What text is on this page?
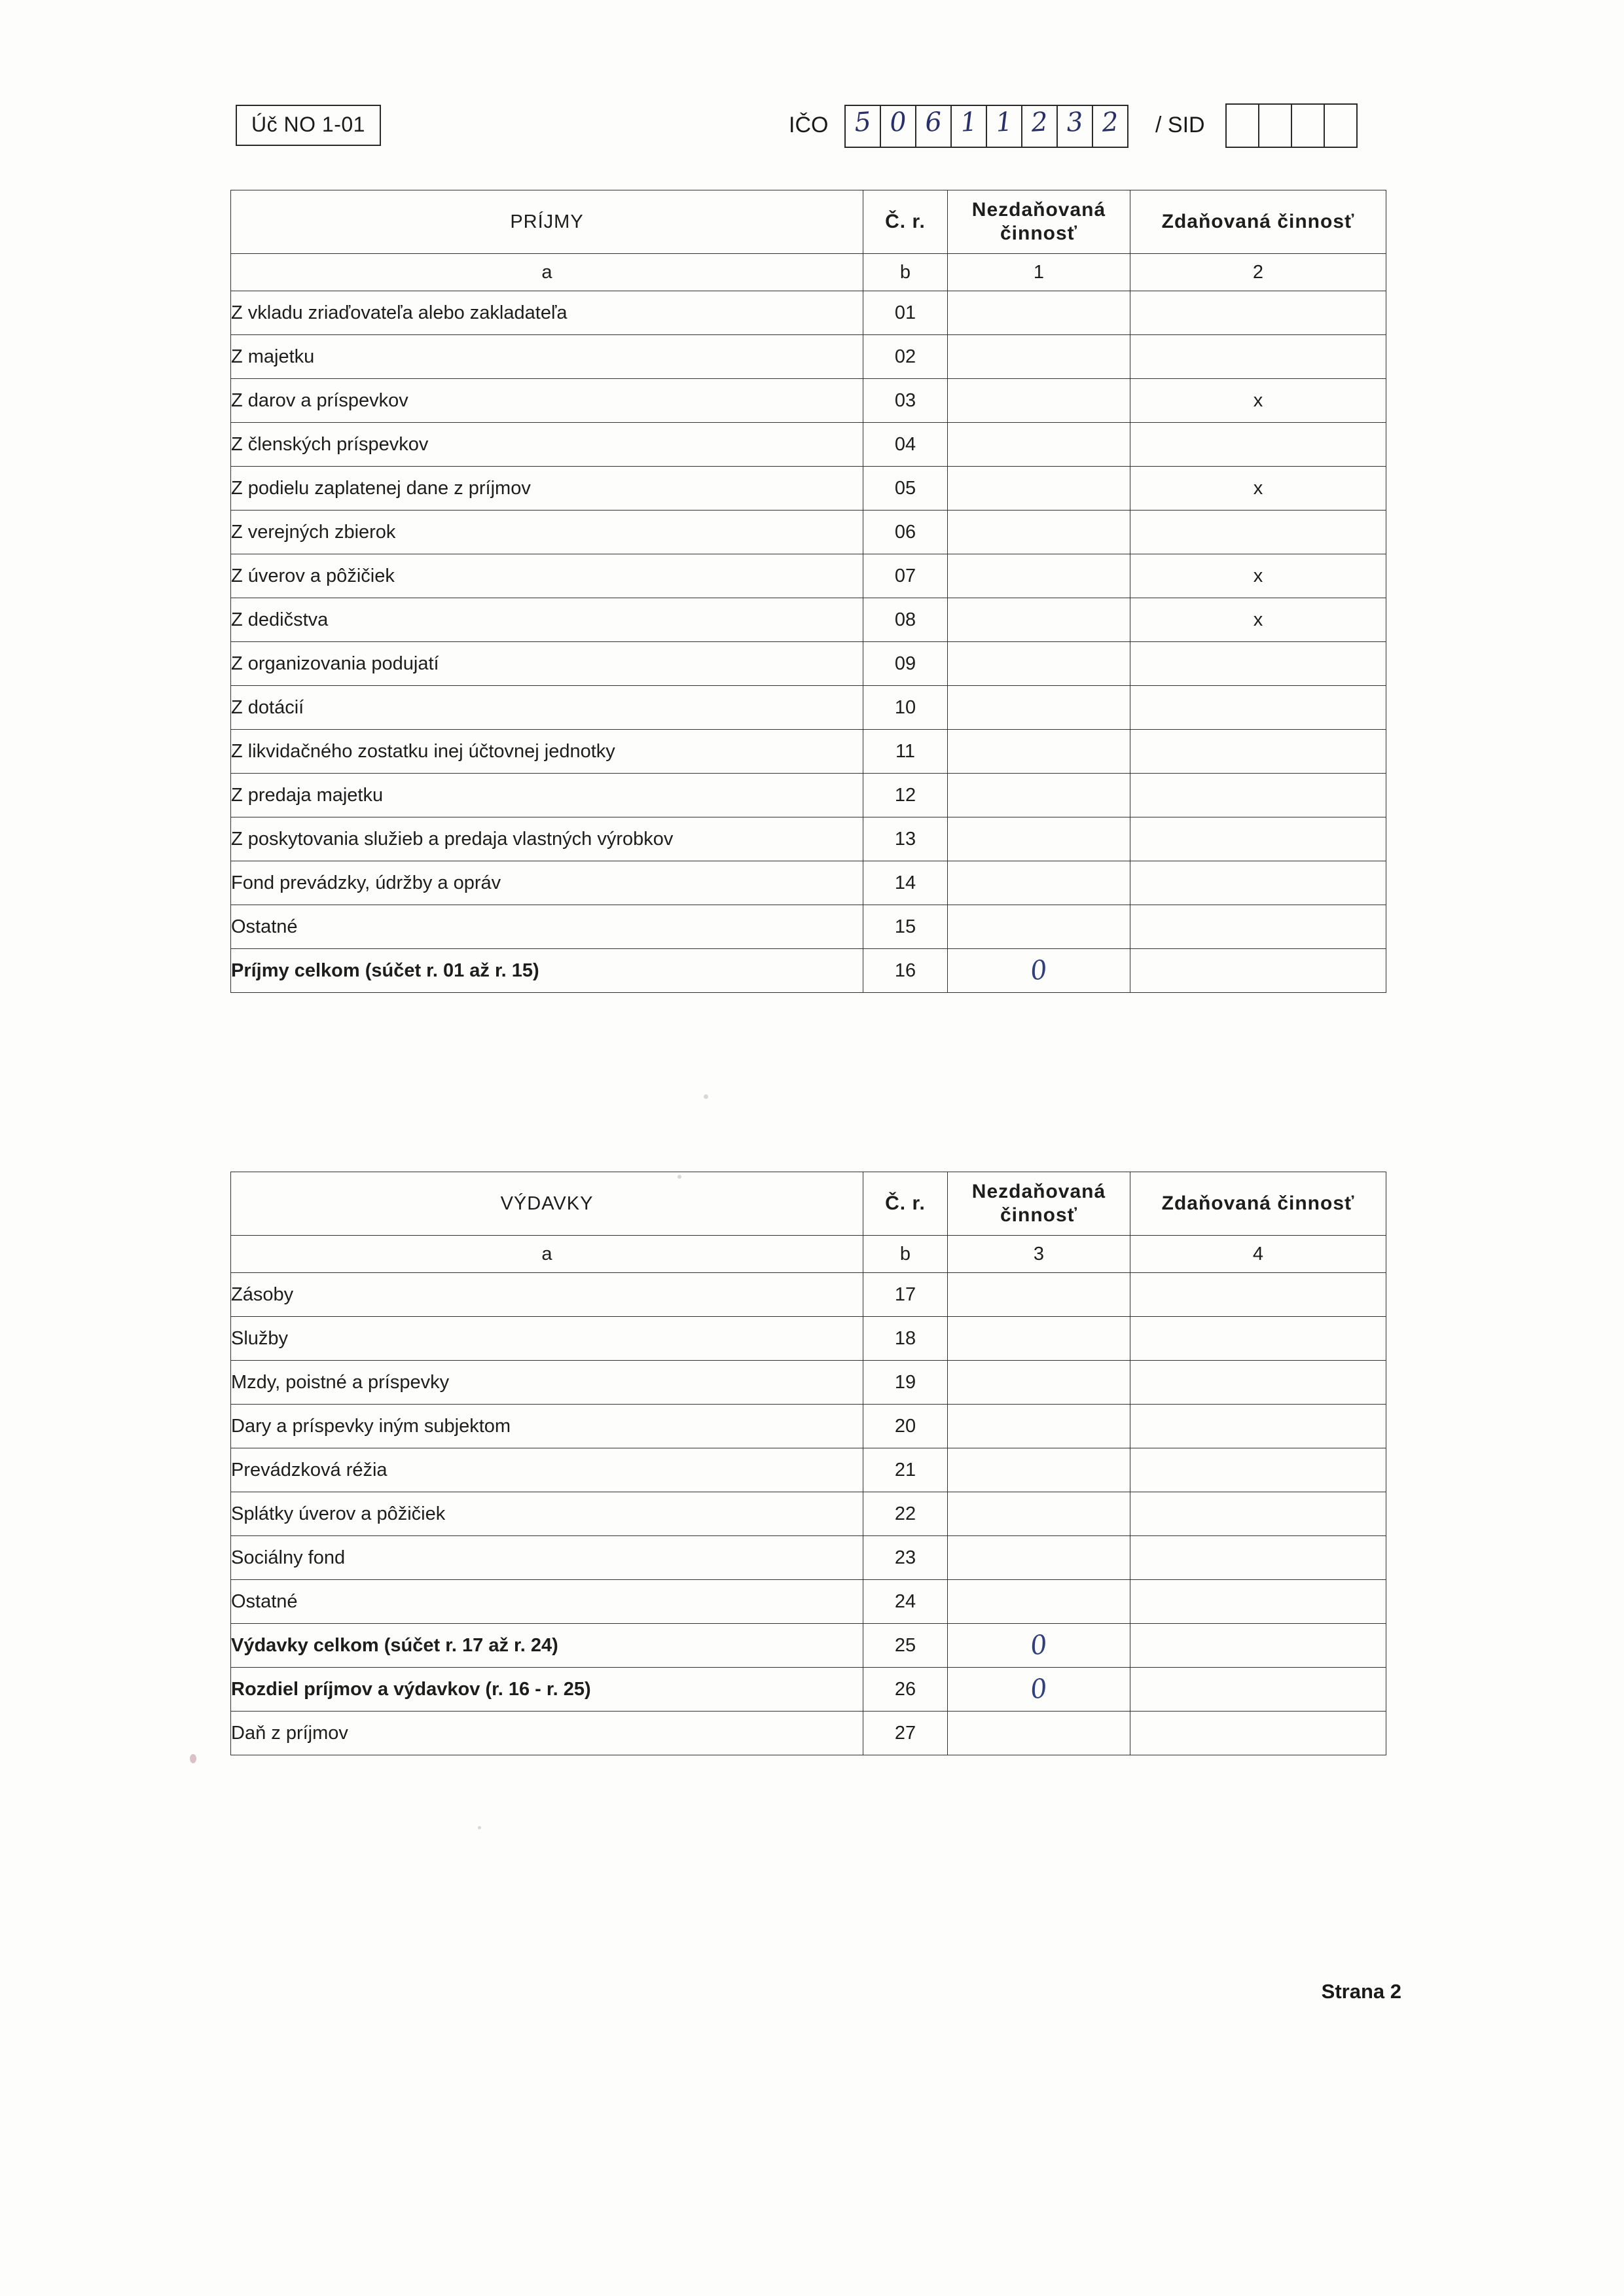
Úč NO 1-01	IČO 5 0 6 1 1 2 3 2	/ SID
PRÍJMY	Č. r.	Nezdaňovaná činnosť	Zdaňovaná činnosť
a	b	1	2
Z vkladu zriaďovateľa alebo zakladateľa	01		
Z majetku	02		
Z darov a príspevkov	03		x
Z členských príspevkov	04		
Z podielu zaplatenej dane z príjmov	05		x
Z verejných zbierok	06		
Z úverov a pôžičiek	07		x
Z dedičstva	08		x
Z organizovania podujatí	09		
Z dotácií	10		
Z likvidačného zostatku inej účtovnej jednotky	11		
Z predaja majetku	12		
Z poskytovania služieb a predaja vlastných výrobkov	13		
Fond prevádzky, údržby a opráv	14		
Ostatné	15		
Príjmy celkom (súčet r. 01 až r. 15)	16	0	

VÝDAVKY	Č. r.	Nezdaňovaná činnosť	Zdaňovaná činnosť
a	b	3	4
Zásoby	17		
Služby	18		
Mzdy, poistné a príspevky	19		
Dary a príspevky iným subjektom	20		
Prevádzková réžia	21		
Splátky úverov a pôžičiek	22		
Sociálny fond	23		
Ostatné	24		
Výdavky celkom (súčet r. 17 až r. 24)	25	0	

Rozdiel príjmov a výdavkov (r. 16 - r. 25)	26	0	

Daň z príjmov	27		
Strana 2
